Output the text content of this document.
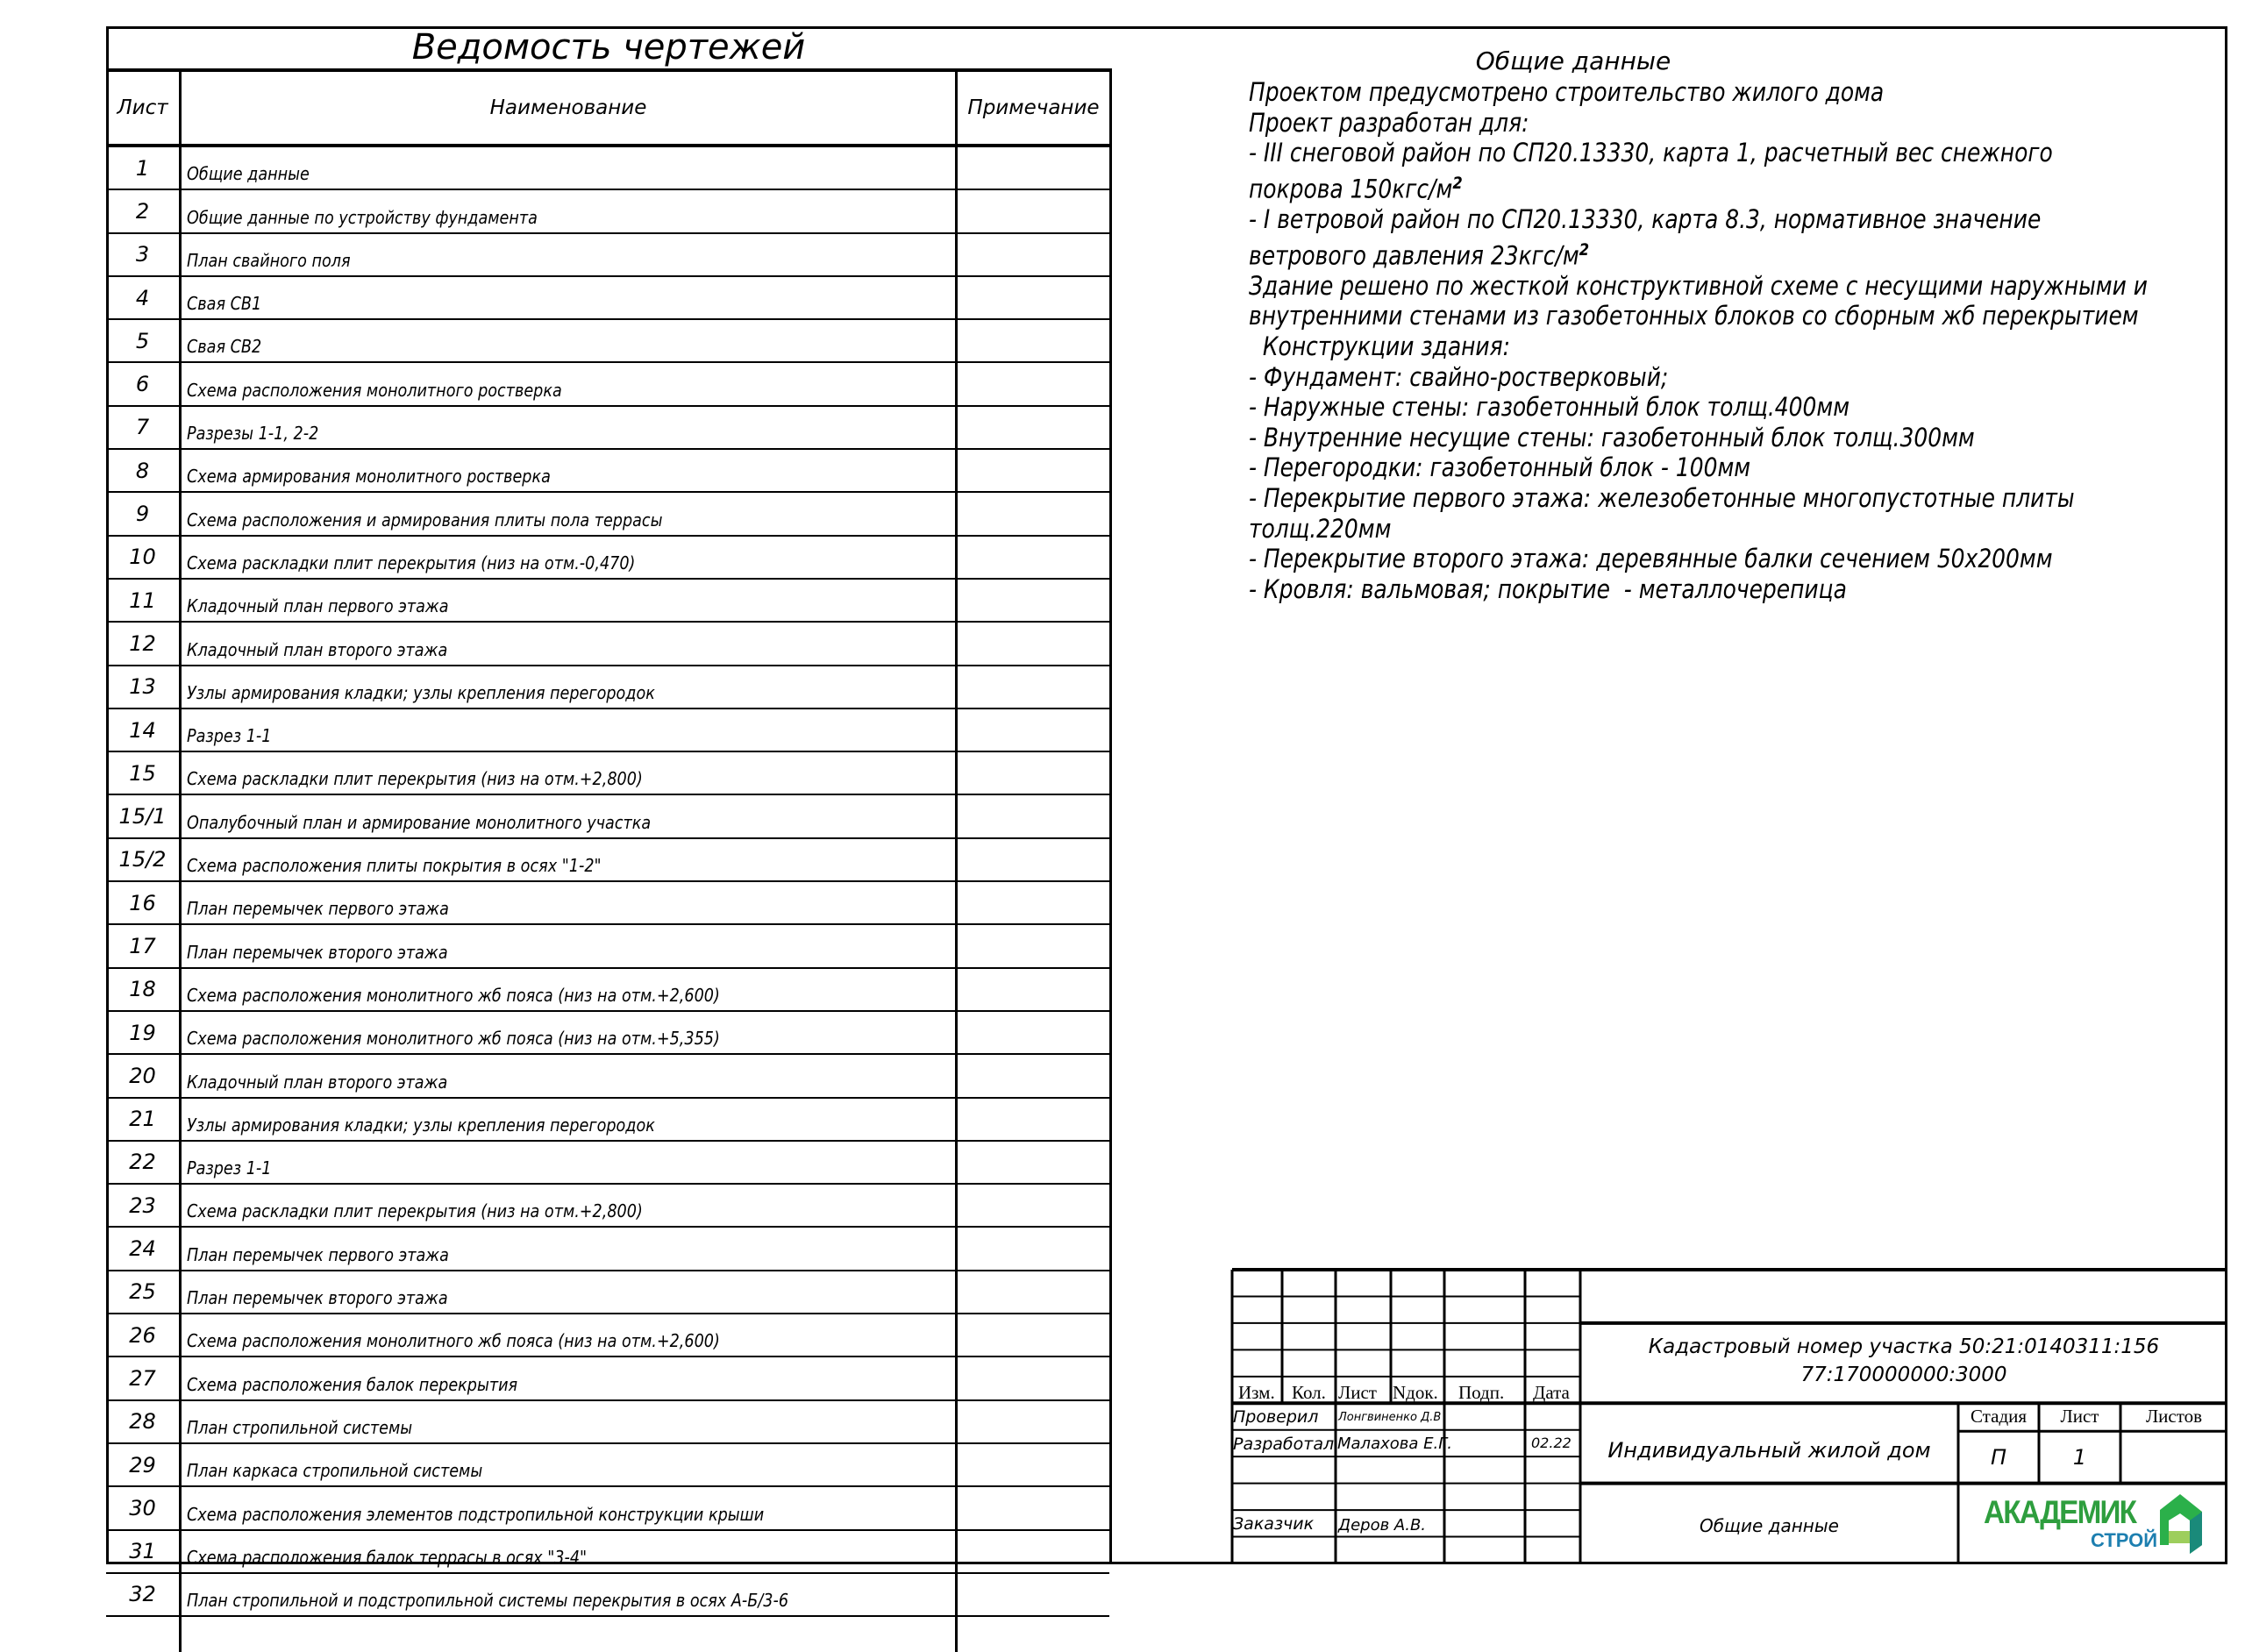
Ведомость чертежей
Лист	Наименование	Примечание
1	Общие данные
2	Общие данные по устройству фундамента
3	План свайного поля
4	Свая СВ1
5	Свая СВ2
6	Схема расположения монолитного ростверка
7	Разрезы 1-1, 2-2
8	Схема армирования монолитного ростверка
9	Схема расположения и армирования плиты пола террасы
10	Схема раскладки плит перекрытия (низ на отм.-0,470)
11	Кладочный план первого этажа
12	Кладочный план второго этажа
13	Узлы армирования кладки; узлы крепления перегородок
14	Разрез 1-1
15	Схема раскладки плит перекрытия (низ на отм.+2,800)
15/1	Опалубочный план и армирование монолитного участка
15/2	Схема расположения плиты покрытия в осях "1-2"
16	План перемычек первого этажа
17	План перемычек второго этажа
18	Схема расположения монолитного жб пояса (низ на отм.+2,600)
19	Схема расположения монолитного жб пояса (низ на отм.+5,355)
20	Кладочный план второго этажа
21	Узлы армирования кладки; узлы крепления перегородок
22	Разрез 1-1
23	Схема раскладки плит перекрытия (низ на отм.+2,800)
24	План перемычек первого этажа
25	План перемычек второго этажа
26	Схема расположения монолитного жб пояса (низ на отм.+2,600)
27	Схема расположения балок перекрытия
28	План стропильной системы
29	План каркаса стропильной системы
30	Схема расположения элементов подстропильной конструкции крыши
31	Схема расположения балок террасы в осях "3-4"
32	План стропильной и подстропильной системы перекрытия в осях А-Б/3-6
Общие данные
Проектом предусмотрено строительство жилого дома
Проект разработан для:
- III снеговой район по СП20.13330, карта 1, расчетный вес снежного
покрова $150кгс/м^2$
- I ветровой район по СП20.13330, карта 8.3, нормативное значение
ветрового давления $23кгс/м^2$
Здание решено по жесткой конструктивной схеме с несущими наружными и
внутренними стенами из газобетонных блоков со сборным жб перекрытием
Конструкции здания:
- Фундамент: свайно-ростверковый;
- Наружные стены: газобетонный блок толщ.400мм
- Внутренние несущие стены: газобетонный блок толщ.300мм
- Перегородки: газобетонный блок - 100мм
- Перекрытие первого этажа: железобетонные многопустотные плиты
толщ.220мм
- Перекрытие второго этажа: деревянные балки сечением 50х200мм
- Кровля: вальмовая; покрытие  - металлочерепица
Изм. Кол. Лист Nдок. Подп. Дата
Проверил Лонгвиненко Д.В
Разработал Малахова Е.Г.	02.22
Заказчик Деров А.В.
Кадастровый номер участка 50:21:0140311:156
77:170000000:3000
Индивидуальный жилой дом
Общие данные
Стадия	Лист	Листов
П	1
АКАДЕМИК
СТРОЙ
